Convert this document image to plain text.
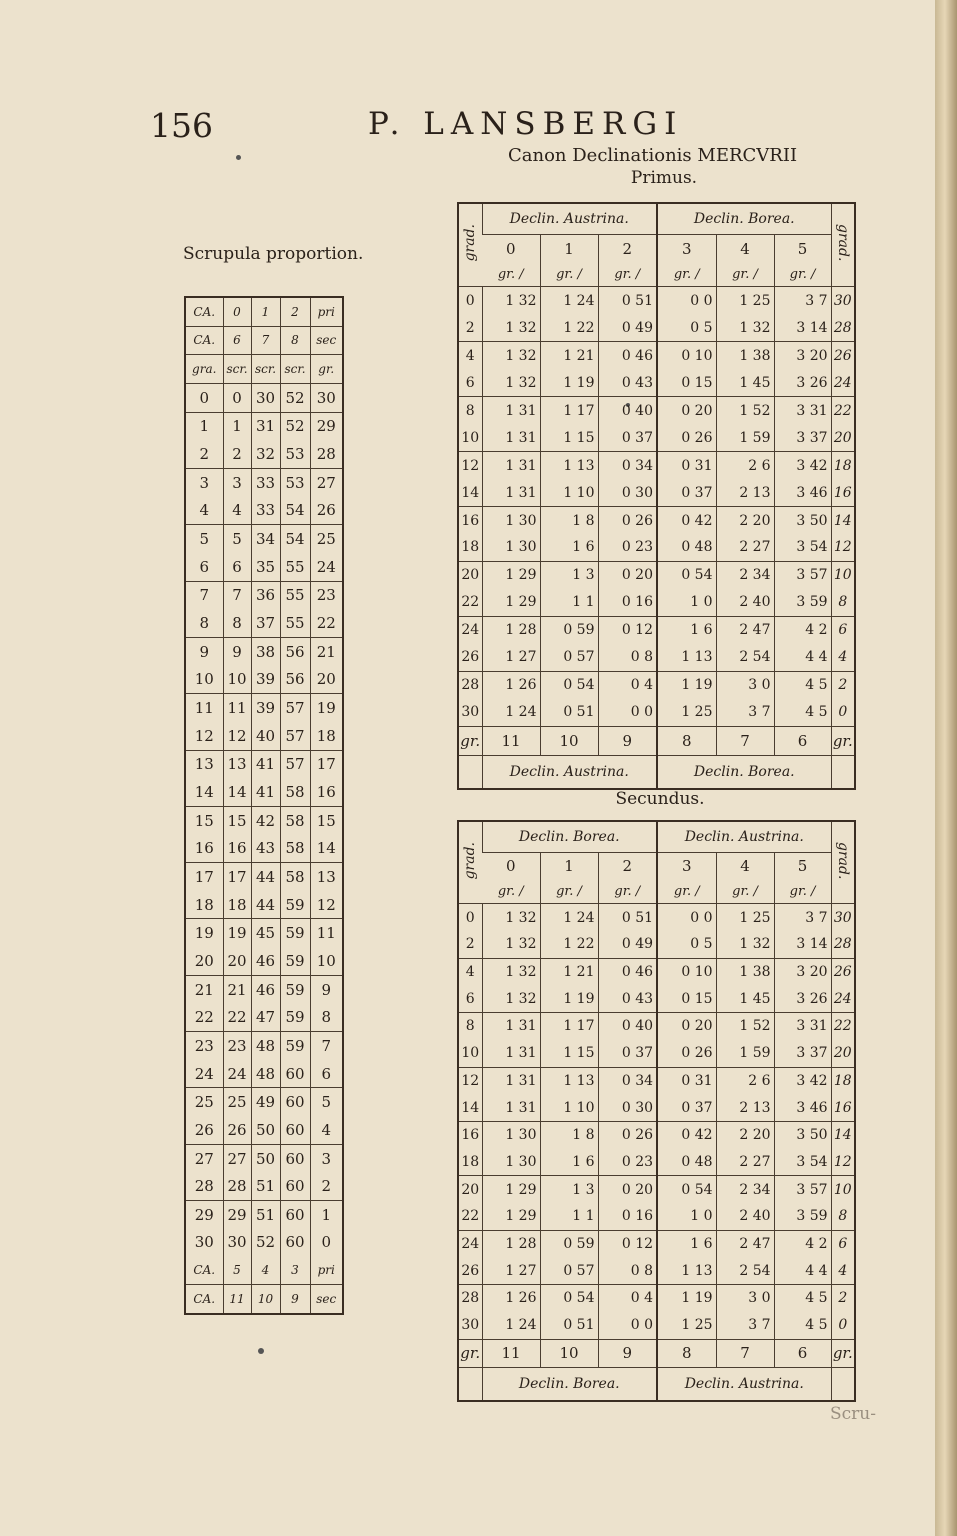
156	P. LANSBERGI
Canon Declinationis MERCVRII
Primus.
Secundus.
Scrupula proportion.
Scru-
CA.	0	1	2	pri
CA.	6	7	8	sec
gra.	scr.	scr.	scr.	gr.
0	0	30	52	30
1	1	31	52	29
2	2	32	53	28
3	3	33	53	27
4	4	33	54	26
5	5	34	54	25
6	6	35	55	24
7	7	36	55	23
8	8	37	55	22
9	9	38	56	21
10	10	39	56	20
11	11	39	57	19
12	12	40	57	18
13	13	41	57	17
14	14	41	58	16
15	15	42	58	15
16	16	43	58	14
17	17	44	58	13
18	18	44	59	12
19	19	45	59	11
20	20	46	59	10
21	21	46	59	9
22	22	47	59	8
23	23	48	59	7
24	24	48	60	6
25	25	49	60	5
26	26	50	60	4
27	27	50	60	3
28	28	51	60	2
29	29	51	60	1
30	30	52	60	0
CA.	5	4	3	pri
CA.	11	10	9	sec
grad.	Declin. Austrina.			Declin. Borea.			grad.
	0	1	2	3	4	5	
	gr. /	gr. /	gr. /	gr. /	gr. /	gr. /	
0	1 32	1 24	0 51	0 0	1 25	3 7	30
2	1 32	1 22	0 49	0 5	1 32	3 14	28
4	1 32	1 21	0 46	0 10	1 38	3 20	26
6	1 32	1 19	0 43	0 15	1 45	3 26	24
8	1 31	1 17	0 40	0 20	1 52	3 31	22
10	1 31	1 15	0 37	0 26	1 59	3 37	20
12	1 31	1 13	0 34	0 31	2 6	3 42	18
14	1 31	1 10	0 30	0 37	2 13	3 46	16
16	1 30	1 8	0 26	0 42	2 20	3 50	14
18	1 30	1 6	0 23	0 48	2 27	3 54	12
20	1 29	1 3	0 20	0 54	2 34	3 57	10
22	1 29	1 1	0 16	1 0	2 40	3 59	8
24	1 28	0 59	0 12	1 6	2 47	4 2	6
26	1 27	0 57	0 8	1 13	2 54	4 4	4
28	1 26	0 54	0 4	1 19	3 0	4 5	2
30	1 24	0 51	0 0	1 25	3 7	4 5	0
gr.	11	10	9	8	7	6	gr.
	Declin. Austrina.			Declin. Borea.			
grad.	Declin. Borea.			Declin. Austrina.			grad.
	0	1	2	3	4	5	
	gr. /	gr. /	gr. /	gr. /	gr. /	gr. /	
0	1 32	1 24	0 51	0 0	1 25	3 7	30
2	1 32	1 22	0 49	0 5	1 32	3 14	28
4	1 32	1 21	0 46	0 10	1 38	3 20	26
6	1 32	1 19	0 43	0 15	1 45	3 26	24
8	1 31	1 17	0 40	0 20	1 52	3 31	22
10	1 31	1 15	0 37	0 26	1 59	3 37	20
12	1 31	1 13	0 34	0 31	2 6	3 42	18
14	1 31	1 10	0 30	0 37	2 13	3 46	16
16	1 30	1 8	0 26	0 42	2 20	3 50	14
18	1 30	1 6	0 23	0 48	2 27	3 54	12
20	1 29	1 3	0 20	0 54	2 34	3 57	10
22	1 29	1 1	0 16	1 0	2 40	3 59	8
24	1 28	0 59	0 12	1 6	2 47	4 2	6
26	1 27	0 57	0 8	1 13	2 54	4 4	4
28	1 26	0 54	0 4	1 19	3 0	4 5	2
30	1 24	0 51	0 0	1 25	3 7	4 5	0
gr.	11	10	9	8	7	6	gr.
	Declin. Borea.			Declin. Austrina.			
